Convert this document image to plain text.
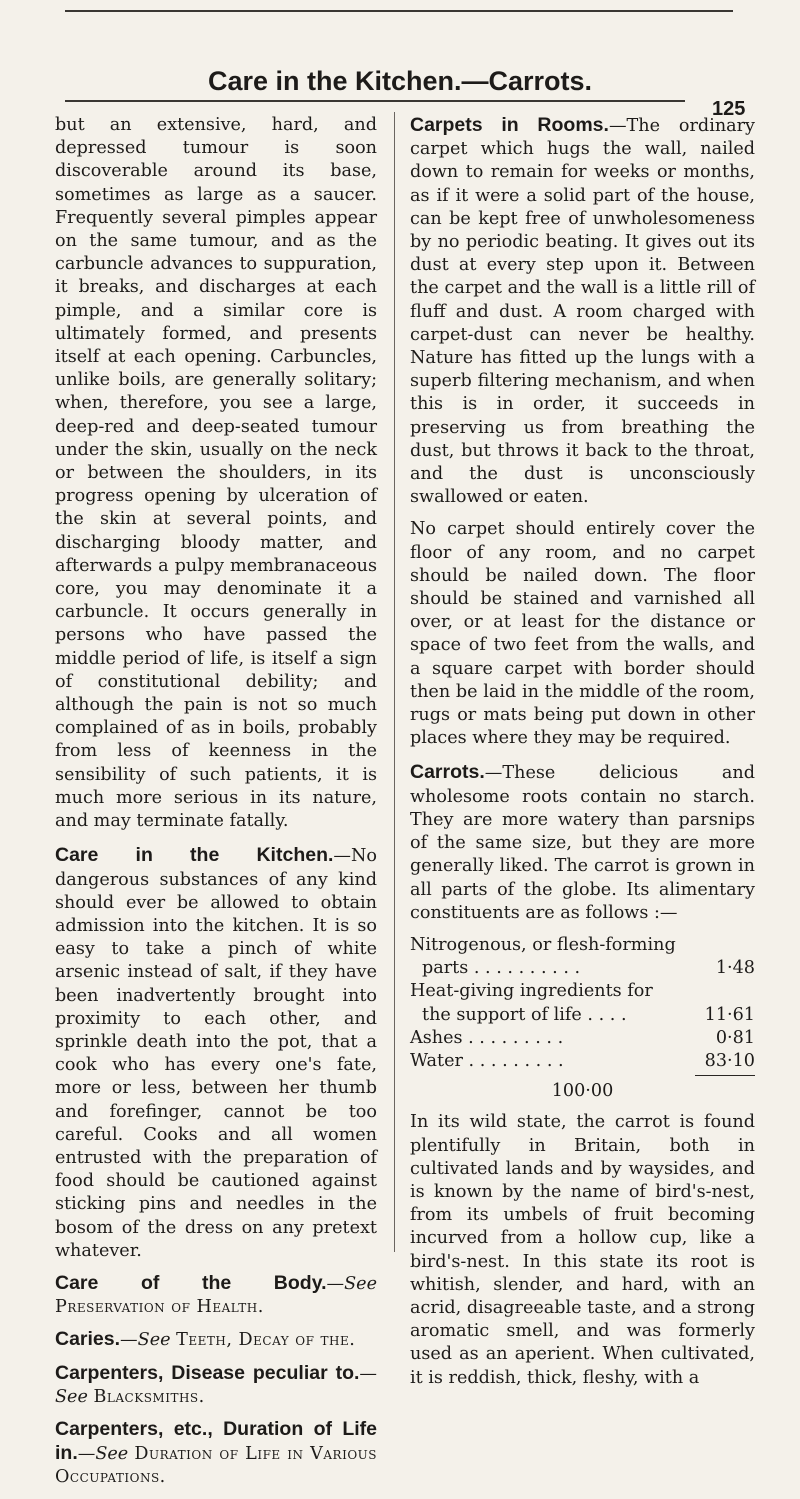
Care in the Kitchen.—Carrots.
125

but an extensive, hard, and depressed tumour is soon discoverable around its base, sometimes as large as a saucer. Frequently several pimples appear on the same tumour, and as the carbuncle advances to suppuration, it breaks, and discharges at each pimple, and a similar core is ultimately formed, and presents itself at each opening. Carbuncles, unlike boils, are generally solitary; when, therefore, you see a large, deep-red and deep-seated tumour under the skin, usually on the neck or between the shoulders, in its progress opening by ulceration of the skin at several points, and discharging bloody matter, and afterwards a pulpy membranaceous core, you may denominate it a carbuncle. It occurs generally in persons who have passed the middle period of life, is itself a sign of constitutional debility; and although the pain is not so much complained of as in boils, probably from less of keenness in the sensibility of such patients, it is much more serious in its nature, and may terminate fatally.

Care in the Kitchen.—No dangerous substances of any kind should ever be allowed to obtain admission into the kitchen. It is so easy to take a pinch of white arsenic instead of salt, if they have been inadvertently brought into proximity to each other, and sprinkle death into the pot, that a cook who has every one's fate, more or less, between her thumb and forefinger, cannot be too careful. Cooks and all women entrusted with the preparation of food should be cautioned against sticking pins and needles in the bosom of the dress on any pretext whatever.

Care of the Body.—See Preservation of Health.

Caries.—See Teeth, Decay of the.

Carpenters, Disease peculiar to.—See Blacksmiths.

Carpenters, etc., Duration of Life in.—See Duration of Life in Various Occupations.

Carpets in Rooms.—The ordinary carpet which hugs the wall, nailed down to remain for weeks or months, as if it were a solid part of the house, can be kept free of unwholesomeness by no periodic beating. It gives out its dust at every step upon it. Between the carpet and the wall is a little rill of fluff and dust. A room charged with carpet-dust can never be healthy. Nature has fitted up the lungs with a superb filtering mechanism, and when this is in order, it succeeds in preserving us from breathing the dust, but throws it back to the throat, and the dust is unconsciously swallowed or eaten.

No carpet should entirely cover the floor of any room, and no carpet should be nailed down. The floor should be stained and varnished all over, or at least for the distance or space of two feet from the walls, and a square carpet with border should then be laid in the middle of the room, rugs or mats being put down in other places where they may be required.

Carrots.—These delicious and wholesome roots contain no starch. They are more watery than parsnips of the same size, but they are more generally liked. The carrot is grown in all parts of the globe. Its alimentary constituents are as follows :—

Nitrogenous, or flesh-forming
parts . . . . . . . . . .	1·48
Heat-giving ingredients for
the support of life . . . .	11·61
Ashes . . . . . . . . .	0·81
Water . . . . . . . . .	83·10
100·00

In its wild state, the carrot is found plentifully in Britain, both in cultivated lands and by waysides, and is known by the name of bird's-nest, from its umbels of fruit becoming incurved from a hollow cup, like a bird's-nest. In this state its root is whitish, slender, and hard, with an acrid, disagreeable taste, and a strong aromatic smell, and was formerly used as an aperient. When cultivated, it is reddish, thick, fleshy, with a
